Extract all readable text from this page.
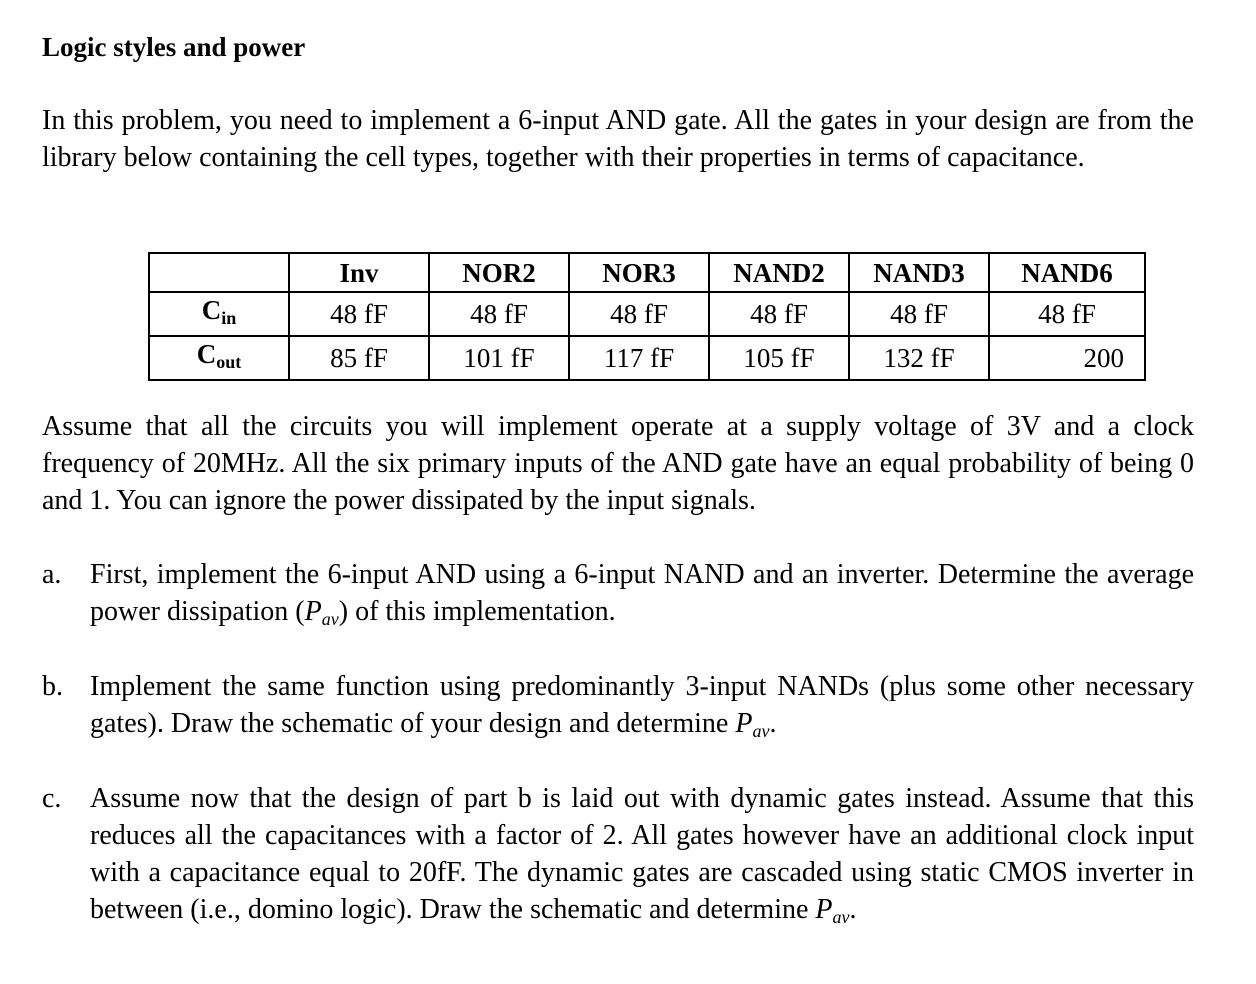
Logic styles and power
In this problem, you need to implement a 6-input AND gate. All the gates in your design are from the library below containing the cell types, together with their properties in terms of capacitance.
	Inv	NOR2	NOR3	NAND2	NAND3	NAND6
$C_{in}$	48 fF	48 fF	48 fF	48 fF	48 fF	48 fF
$C_{out}$	85 fF	101 fF	117 fF	105 fF	132 fF	200
Assume that all the circuits you will implement operate at a supply voltage of 3V and a clock frequency of 20MHz. All the six primary inputs of the AND gate have an equal probability of being 0 and 1. You can ignore the power dissipated by the input signals.
a.	First, implement the 6-input AND using a 6-input NAND and an inverter. Determine the average power dissipation (Pav) of this implementation.
b. Implement the same function using predominantly 3-input NANDs (plus some other necessary gates). Draw the schematic of your design and determine Pav.
c.	Assume now that the design of part b is laid out with dynamic gates instead. Assume that this reduces all the capacitances with a factor of 2. All gates however have an additional clock input with a capacitance equal to 20fF. The dynamic gates are cascaded using static CMOS inverter in between (i.e., domino logic). Draw the schematic and determine Pav.
